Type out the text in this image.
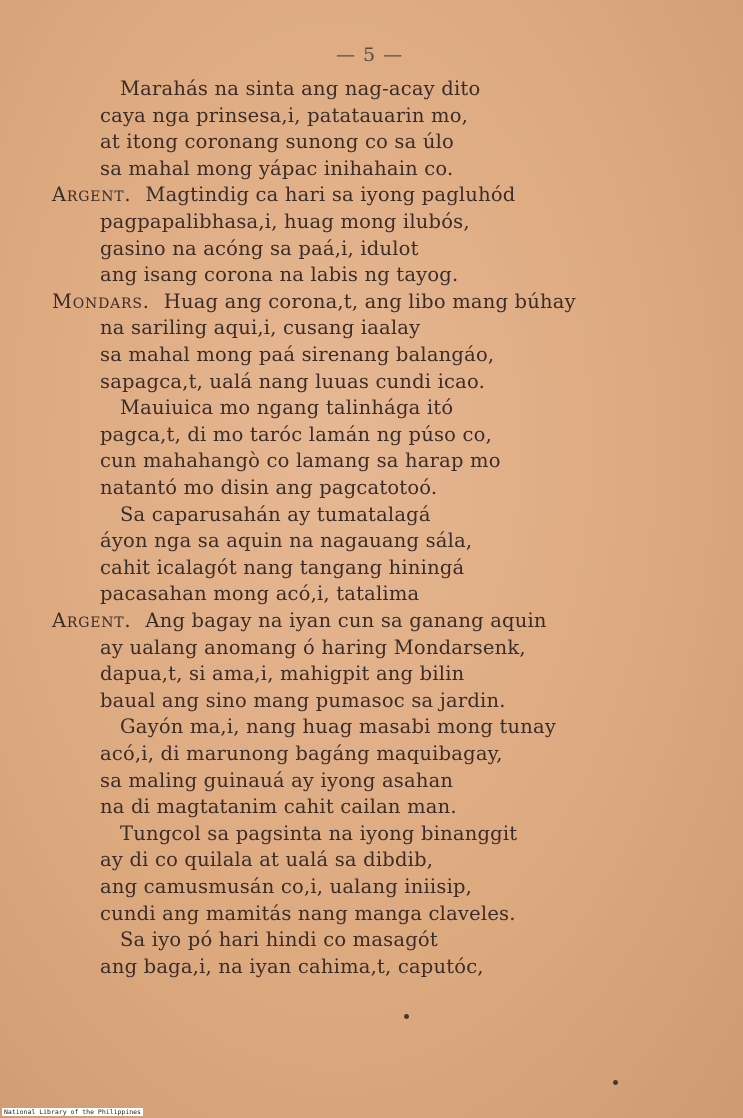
— 5 —
Marahás na sinta ang nag-acay dito
caya nga prinsesa,i, patatauarin mo,
at itong coronang sunong co sa úlo
sa mahal mong yápac inihahain co.
Argent. Magtindig ca hari sa iyong pagluhód
pagpapalibhasa,i, huag mong ilubós,
gasino na acóng sa paá,i, idulot
ang isang corona na labis ng tayog.
Mondars. Huag ang corona,t, ang libo mang búhay
na sariling aqui,i, cusang iaalay
sa mahal mong paá sirenang balangáo,
sapagca,t, ualá nang luuas cundi icao.
Mauiuica mo ngang talinhága itó
pagca,t, di mo taróc lamán ng púso co,
cun mahahangò co lamang sa harap mo
natantó mo disin ang pagcatotoó.
Sa caparusahán ay tumatalagá
áyon nga sa aquin na nagauang sála,
cahit icalagót nang tangang hiningá
pacasahan mong acó,i, tatalima
Argent. Ang bagay na iyan cun sa ganang aquin
ay ualang anomang ó haring Mondarsenk,
dapua,t, si ama,i, mahigpit ang bilin
baual ang sino mang pumasoc sa jardin.
Gayón ma,i, nang huag masabi mong tunay
acó,i, di marunong bagáng maquibagay,
sa maling guinauá ay iyong asahan
na di magtatanim cahit cailan man.
Tungcol sa pagsinta na iyong binanggit
ay di co quilala at ualá sa dibdib,
ang camusmusán co,i, ualang iniisip,
cundi ang mamitás nang manga claveles.
Sa iyo pó hari hindi co masagót
ang baga,i, na iyan cahima,t, caputóc,
National Library of the Philippines
